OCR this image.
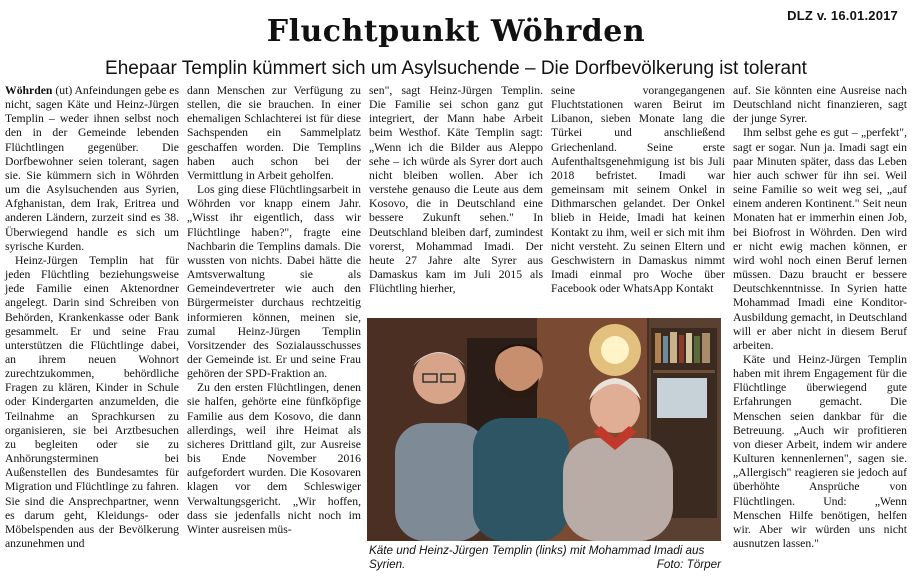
DLZ v. 16.01.2017
Fluchtpunkt Wöhrden
Ehepaar Templin kümmert sich um Asylsuchende – Die Dorfbevölkerung ist tolerant

Wöhrden (ut) Anfeindungen gebe es nicht, sagen Käte und Heinz-Jürgen Templin – weder ihnen selbst noch den in der Gemeinde lebenden Flüchtlingen gegenüber. Die Dorfbewohner seien tolerant, sagen sie. Sie kümmern sich in Wöhrden um die Asylsuchenden aus Syrien, Afghanistan, dem Irak, Eritrea und anderen Ländern, zurzeit sind es 38. Überwiegend handle es sich um syrische Kurden.

Heinz-Jürgen Templin hat für jeden Flüchtling beziehungsweise jede Familie einen Aktenordner angelegt. Darin sind Schreiben von Behörden, Krankenkasse oder Bank gesammelt. Er und seine Frau unterstützen die Flüchtlinge dabei, an ihrem neuen Wohnort zurechtzukommen, behördliche Fragen zu klären, Kinder in Schule oder Kindergarten anzumelden, die Teilnahme an Sprachkursen zu organisieren, sie bei Arztbesuchen zu begleiten oder sie zu Anhörungsterminen bei Außenstellen des Bundesamtes für Migration und Flüchtlinge zu fahren. Sie sind die Ansprechpartner, wenn es darum geht, Kleidungs- oder Möbelspenden aus der Bevölkerung anzunehmen und

dann Menschen zur Verfügung zu stellen, die sie brauchen. In einer ehemaligen Schlachterei ist für diese Sachspenden ein Sammelplatz geschaffen worden. Die Templins haben auch schon bei der Vermittlung in Arbeit geholfen.

Los ging diese Flüchtlingsarbeit in Wöhrden vor knapp einem Jahr. „Wisst ihr eigentlich, dass wir Flüchtlinge haben?", fragte eine Nachbarin die Templins damals. Die wussten von nichts. Dabei hätte die Amtsverwaltung sie als Gemeindevertreter wie auch den Bürgermeister durchaus rechtzeitig informieren können, meinen sie, zumal Heinz-Jürgen Templin Vorsitzender des Sozialausschusses der Gemeinde ist. Er und seine Frau gehören der SPD-Fraktion an.

Zu den ersten Flüchtlingen, denen sie halfen, gehörte eine fünfköpfige Familie aus dem Kosovo, die dann allerdings, weil ihre Heimat als sicheres Drittland gilt, zur Ausreise bis Ende November 2016 aufgefordert wurden. Die Kosovaren klagen vor dem Schleswiger Verwaltungsgericht. „Wir hoffen, dass sie jedenfalls nicht noch im Winter ausreisen müs-

sen", sagt Heinz-Jürgen Templin. Die Familie sei schon ganz gut integriert, der Mann habe Arbeit beim Westhof. Käte Templin sagt: „Wenn ich die Bilder aus Aleppo sehe – ich würde als Syrer dort auch nicht bleiben wollen. Aber ich verstehe genauso die Leute aus dem Kosovo, die in Deutschland eine bessere Zukunft sehen." In Deutschland bleiben darf, zumindest vorerst, Mohammad Imadi. Der heute 27 Jahre alte Syrer aus Damaskus kam im Juli 2015 als Flüchtling hierher,

seine vorangegangenen Fluchtstationen waren Beirut im Libanon, sieben Monate lang die Türkei und anschließend Griechenland. Seine erste Aufenthaltsgenehmigung ist bis Juli 2018 befristet. Imadi war gemeinsam mit seinem Onkel in Dithmarschen gelandet. Der Onkel blieb in Heide, Imadi hat keinen Kontakt zu ihm, weil er sich mit ihm nicht versteht. Zu seinen Eltern und Geschwistern in Damaskus nimmt Imadi einmal pro Woche über Facebook oder WhatsApp Kontakt

auf. Sie könnten eine Ausreise nach Deutschland nicht finanzieren, sagt der junge Syrer.

Ihm selbst gehe es gut – „perfekt", sagt er sogar. Nun ja. Imadi sagt ein paar Minuten später, dass das Leben hier auch schwer für ihn sei. Weil seine Familie so weit weg sei, „auf einem anderen Kontinent." Seit neun Monaten hat er immerhin einen Job, bei Biofrost in Wöhrden. Den wird er nicht ewig machen können, er wird wohl noch einen Beruf lernen müssen. Dazu braucht er bessere Deutschkenntnisse. In Syrien hatte Mohammad Imadi eine Konditor-Ausbildung gemacht, in Deutschland will er aber nicht in diesem Beruf arbeiten.

Käte und Heinz-Jürgen Templin haben mit ihrem Engagement für die Flüchtlinge überwiegend gute Erfahrungen gemacht. Die Menschen seien dankbar für die Betreuung. „Auch wir profitieren von dieser Arbeit, indem wir andere Kulturen kennenlernen", sagen sie. „Allergisch" reagieren sie jedoch auf überhöhte Ansprüche von Flüchtlingen. Und: „Wenn Menschen Hilfe benötigen, helfen wir. Aber wir würden uns nicht ausnutzen lassen."

Käte und Heinz-Jürgen Templin (links) mit Mohammad Imadi aus Syrien.	Foto: Törper
